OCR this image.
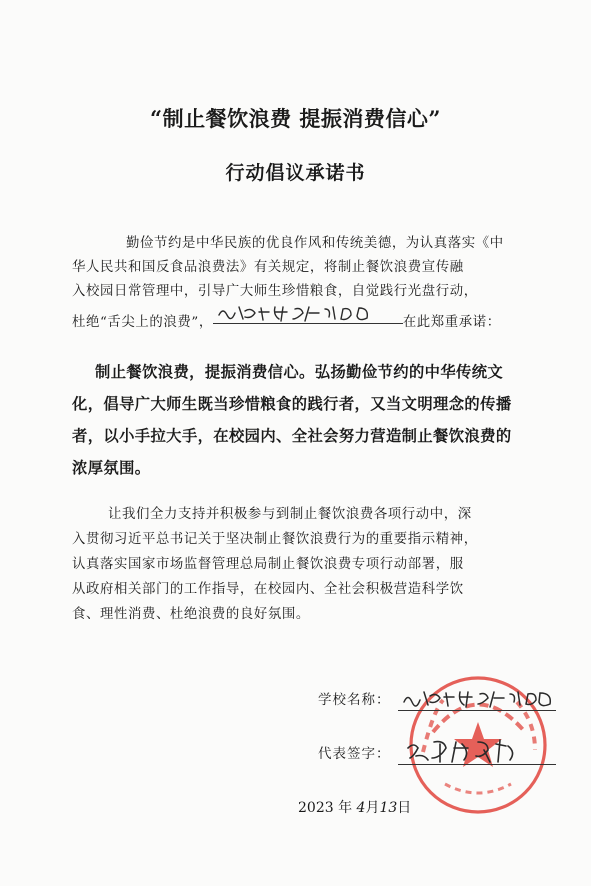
“制止餐饮浪费 提振消费信心”
行动倡议承诺书
勤俭节约是中华民族的优良作风和传统美德，为认真落实《中
华人民共和国反食品浪费法》有关规定，将制止餐饮浪费宣传融
入校园日常管理中，引导广大师生珍惜粮食，自觉践行光盘行动，
杜绝“舌尖上的浪费”，	在此郑重承诺：
制止餐饮浪费，提振消费信心。弘扬勤俭节约的中华传统文
化，倡导广大师生既当珍惜粮食的践行者，又当文明理念的传播
者，以小手拉大手，在校园内、全社会努力营造制止餐饮浪费的
浓厚氛围。
让我们全力支持并积极参与到制止餐饮浪费各项行动中，深
入贯彻习近平总书记关于坚决制止餐饮浪费行为的重要指示精神，
认真落实国家市场监督管理总局制止餐饮浪费专项行动部署，服
从政府相关部门的工作指导，在校园内、全社会积极营造科学饮
食、理性消费、杜绝浪费的良好氛围。
学校名称：
代表签字：
2023 年 4月13日
